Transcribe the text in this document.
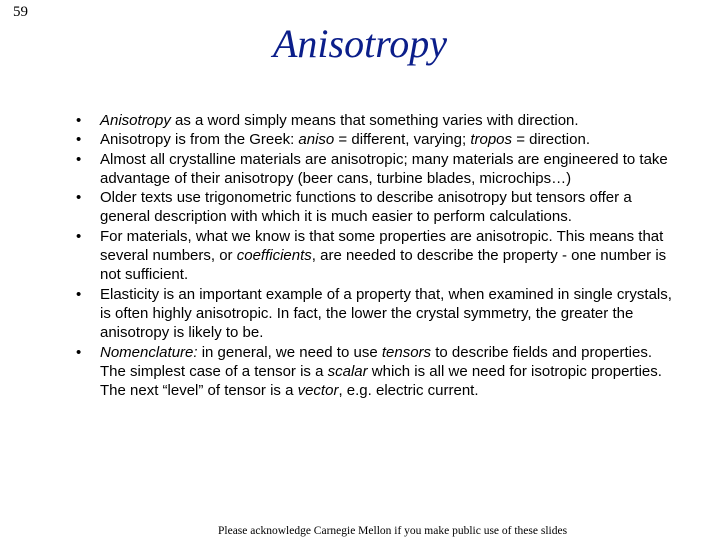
59
Anisotropy
• Anisotropy as a word simply means that something varies with direction.
• Anisotropy is from the Greek: aniso = different, varying; tropos = direction.
• Almost all crystalline materials are anisotropic; many materials are engineered to take advantage of their anisotropy (beer cans, turbine blades, microchips…)
• Older texts use trigonometric functions to describe anisotropy but tensors offer a general description with which it is much easier to perform calculations.
• For materials, what we know is that some properties are anisotropic. This means that several numbers, or coefficients, are needed to describe the property - one number is not sufficient.
• Elasticity is an important example of a property that, when examined in single crystals, is often highly anisotropic. In fact, the lower the crystal symmetry, the greater the anisotropy is likely to be.
• Nomenclature: in general, we need to use tensors to describe fields and properties. The simplest case of a tensor is a scalar which is all we need for isotropic properties. The next “level” of tensor is a vector, e.g. electric current.
Please acknowledge Carnegie Mellon if you make public use of these slides
